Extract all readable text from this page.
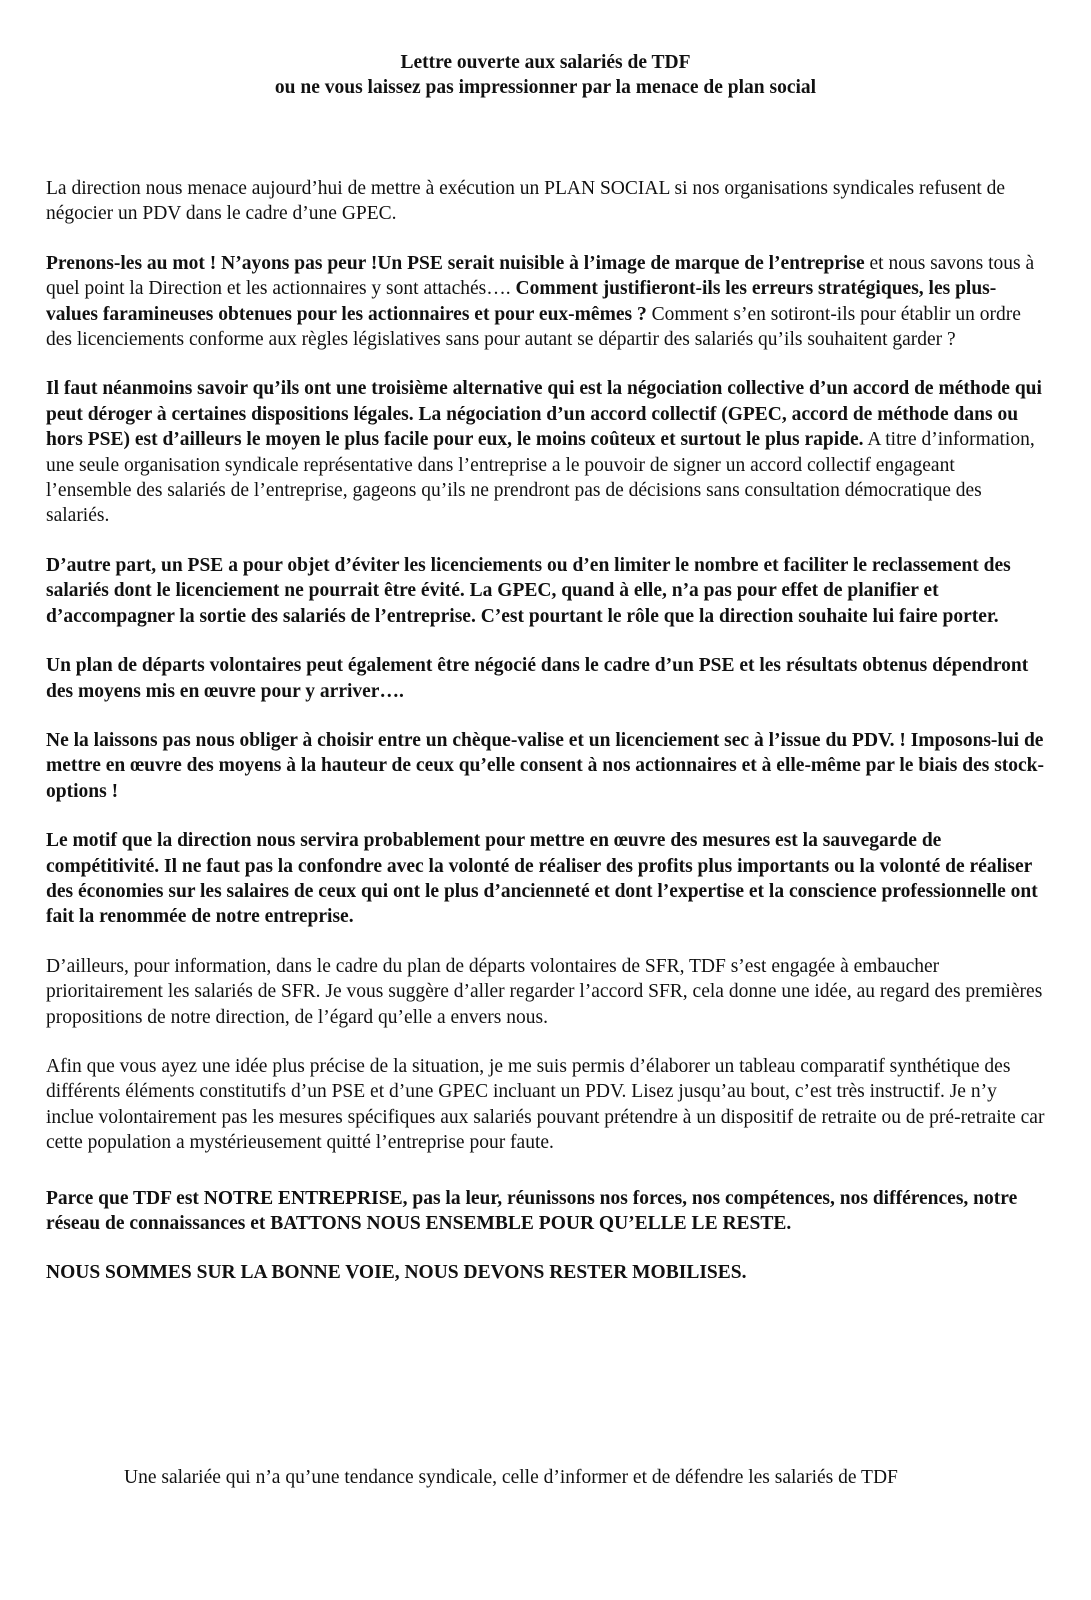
Lettre ouverte aux salariés de TDF
ou ne vous laissez pas impressionner par la menace de plan social

La direction nous menace aujourd’hui de mettre à exécution un PLAN SOCIAL si nos organisations syndicales refusent de négocier un PDV dans le cadre d’une GPEC.

Prenons-les au mot ! N’ayons pas peur !Un PSE serait nuisible à l’image de marque de l’entreprise et nous savons tous à quel point la Direction et les actionnaires y sont attachés…. Comment justifieront-ils les erreurs stratégiques, les plus-values faramineuses obtenues pour les actionnaires et pour eux-mêmes ? Comment s’en sotiront-ils pour établir un ordre des licenciements conforme aux règles législatives sans pour autant se départir des salariés qu’ils souhaitent garder ?

Il faut néanmoins savoir qu’ils ont une troisième alternative qui est la négociation collective d’un accord de méthode qui peut déroger à certaines dispositions légales. La négociation d’un accord collectif (GPEC, accord de méthode dans ou hors PSE) est d’ailleurs le moyen le plus facile pour eux, le moins coûteux et surtout le plus rapide. A titre d’information, une seule organisation syndicale représentative dans l’entreprise a le pouvoir de signer un accord collectif engageant l’ensemble des salariés de l’entreprise, gageons qu’ils ne prendront pas de décisions sans consultation démocratique des salariés.

D’autre part, un PSE a pour objet d’éviter les licenciements ou d’en limiter le nombre et faciliter le reclassement des salariés dont le licenciement ne pourrait être évité. La GPEC, quand à elle, n’a pas pour effet de planifier et d’accompagner la sortie des salariés de l’entreprise. C’est pourtant le rôle que la direction souhaite lui faire porter.

Un plan de départs volontaires peut également être négocié dans le cadre d’un PSE et les résultats obtenus dépendront des moyens mis en œuvre pour y arriver….

Ne la laissons pas nous obliger à choisir entre un chèque-valise et un licenciement sec à l’issue du PDV. ! Imposons-lui de mettre en œuvre des moyens à la hauteur de ceux qu’elle consent à nos actionnaires et à elle-même par le biais des stock-options !

Le motif que la direction nous servira probablement pour mettre en œuvre des mesures est la sauvegarde de compétitivité. Il ne faut pas la confondre avec la volonté de réaliser des profits plus importants ou la volonté de réaliser des économies sur les salaires de ceux qui ont le plus d’ancienneté et dont l’expertise et la conscience professionnelle ont fait la renommée de notre entreprise.

D’ailleurs, pour information, dans le cadre du plan de départs volontaires de SFR, TDF s’est engagée à embaucher prioritairement les salariés de SFR. Je vous suggère d’aller regarder l’accord SFR, cela donne une idée, au regard des premières propositions de notre direction, de l’égard qu’elle a envers nous.

Afin que vous ayez une idée plus précise de la situation, je me suis permis d’élaborer un tableau comparatif synthétique des différents éléments constitutifs d’un PSE et d’une GPEC incluant un PDV. Lisez jusqu’au bout, c’est très instructif. Je n’y inclue volontairement pas les mesures spécifiques aux salariés pouvant prétendre à un dispositif de retraite ou de pré-retraite car cette population a mystérieusement quitté l’entreprise pour faute.

Parce que TDF est NOTRE ENTREPRISE, pas la leur, réunissons nos forces, nos compétences, nos différences, notre réseau de connaissances et BATTONS NOUS ENSEMBLE POUR QU’ELLE LE RESTE.

NOUS SOMMES SUR LA BONNE VOIE, NOUS DEVONS RESTER MOBILISES.

Une salariée qui n’a qu’une tendance syndicale, celle d’informer et de défendre les salariés de TDF
